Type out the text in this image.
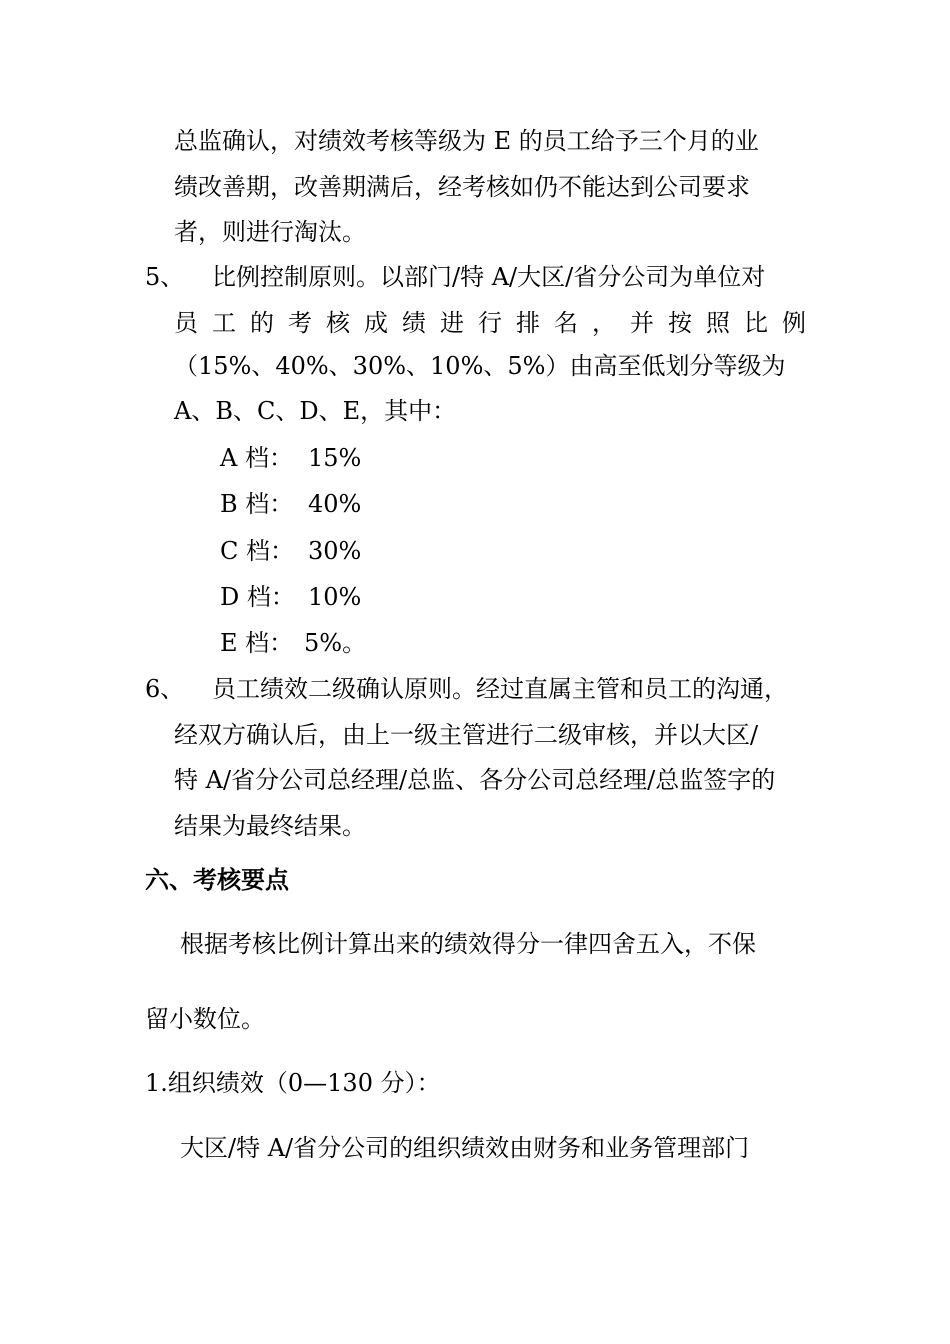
总监确认，对绩效考核等级为 E 的员工给予三个月的业
绩改善期，改善期满后，经考核如仍不能达到公司要求
者，则进行淘汰。
5、 比例控制原则。以部门/特 A/大区/省分公司为单位对
员 工 的 考 核 成 绩 进 行 排 名 ， 并 按 照 比 例
（15%、40%、30%、10%、5%）由高至低划分等级为
A、B、C、D、E，其中：
A 档： 15%
B 档： 40%
C 档： 30%
D 档： 10%
E 档： 5%。
6、 员工绩效二级确认原则。经过直属主管和员工的沟通，
经双方确认后，由上一级主管进行二级审核，并以大区/
特 A/省分公司总经理/总监、各分公司总经理/总监签字的
结果为最终结果。
六、考核要点
根据考核比例计算出来的绩效得分一律四舍五入，不保
留小数位。
1.组织绩效（0—130 分）：
大区/特 A/省分公司的组织绩效由财务和业务管理部门
